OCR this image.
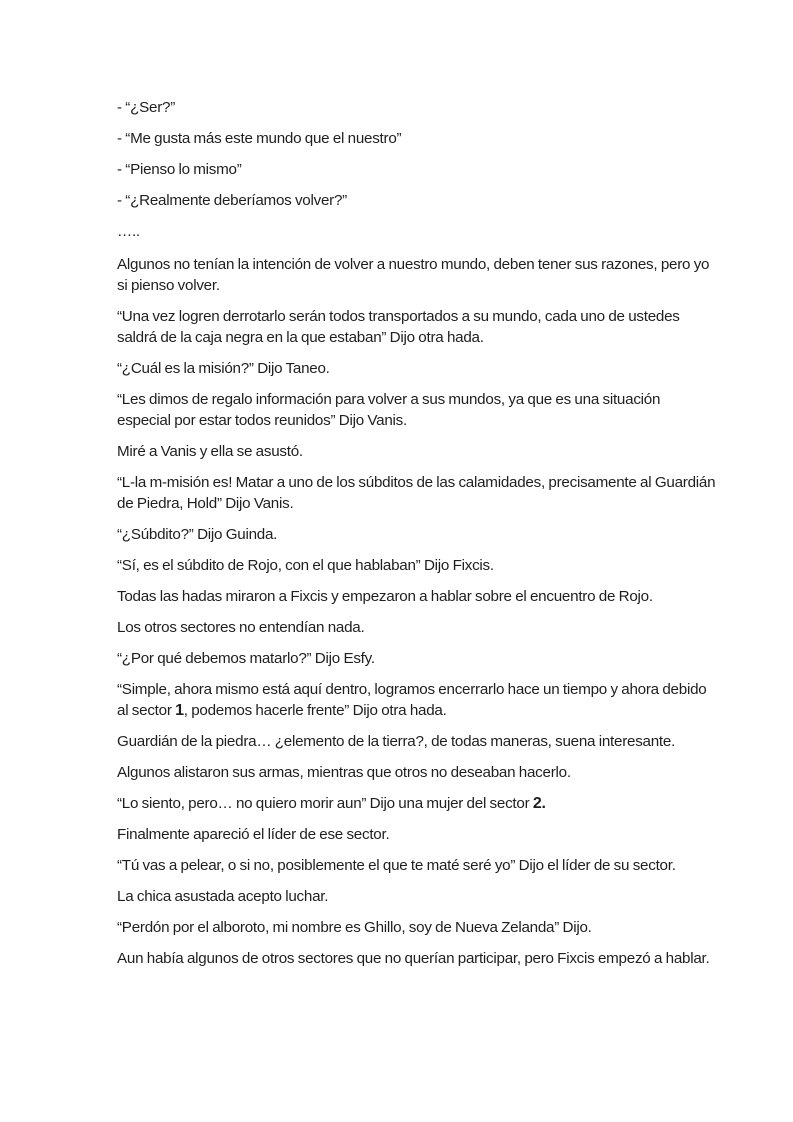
- “¿Ser?”

- “Me gusta más este mundo que el nuestro”

- “Pienso lo mismo”

- “¿Realmente deberíamos volver?”

…..

Algunos no tenían la intención de volver a nuestro mundo, deben tener sus razones, pero yo si pienso volver.

“Una vez logren derrotarlo serán todos transportados a su mundo, cada uno de ustedes saldrá de la caja negra en la que estaban” Dijo otra hada.

“¿Cuál es la misión?” Dijo Taneo.

“Les dimos de regalo información para volver a sus mundos, ya que es una situación especial por estar todos reunidos” Dijo Vanis.

Miré a Vanis y ella se asustó.

“L-la m-misión es! Matar a uno de los súbditos de las calamidades, precisamente al Guardián de Piedra, Hold” Dijo Vanis.

“¿Súbdito?” Dijo Guinda.

“Sí, es el súbdito de Rojo, con el que hablaban” Dijo Fixcis.

Todas las hadas miraron a Fixcis y empezaron a hablar sobre el encuentro de Rojo.

Los otros sectores no entendían nada.

“¿Por qué debemos matarlo?” Dijo Esfy.

“Simple, ahora mismo está aquí dentro, logramos encerrarlo hace un tiempo y ahora debido al sector 1, podemos hacerle frente” Dijo otra hada.

Guardián de la piedra… ¿elemento de la tierra?, de todas maneras, suena interesante.

Algunos alistaron sus armas, mientras que otros no deseaban hacerlo.

“Lo siento, pero… no quiero morir aun” Dijo una mujer del sector 2.

Finalmente apareció el líder de ese sector.

“Tú vas a pelear, o si no, posiblemente el que te maté seré yo” Dijo el líder de su sector.

La chica asustada acepto luchar.

“Perdón por el alboroto, mi nombre es Ghillo, soy de Nueva Zelanda” Dijo.

Aun había algunos de otros sectores que no querían participar, pero Fixcis empezó a hablar.
